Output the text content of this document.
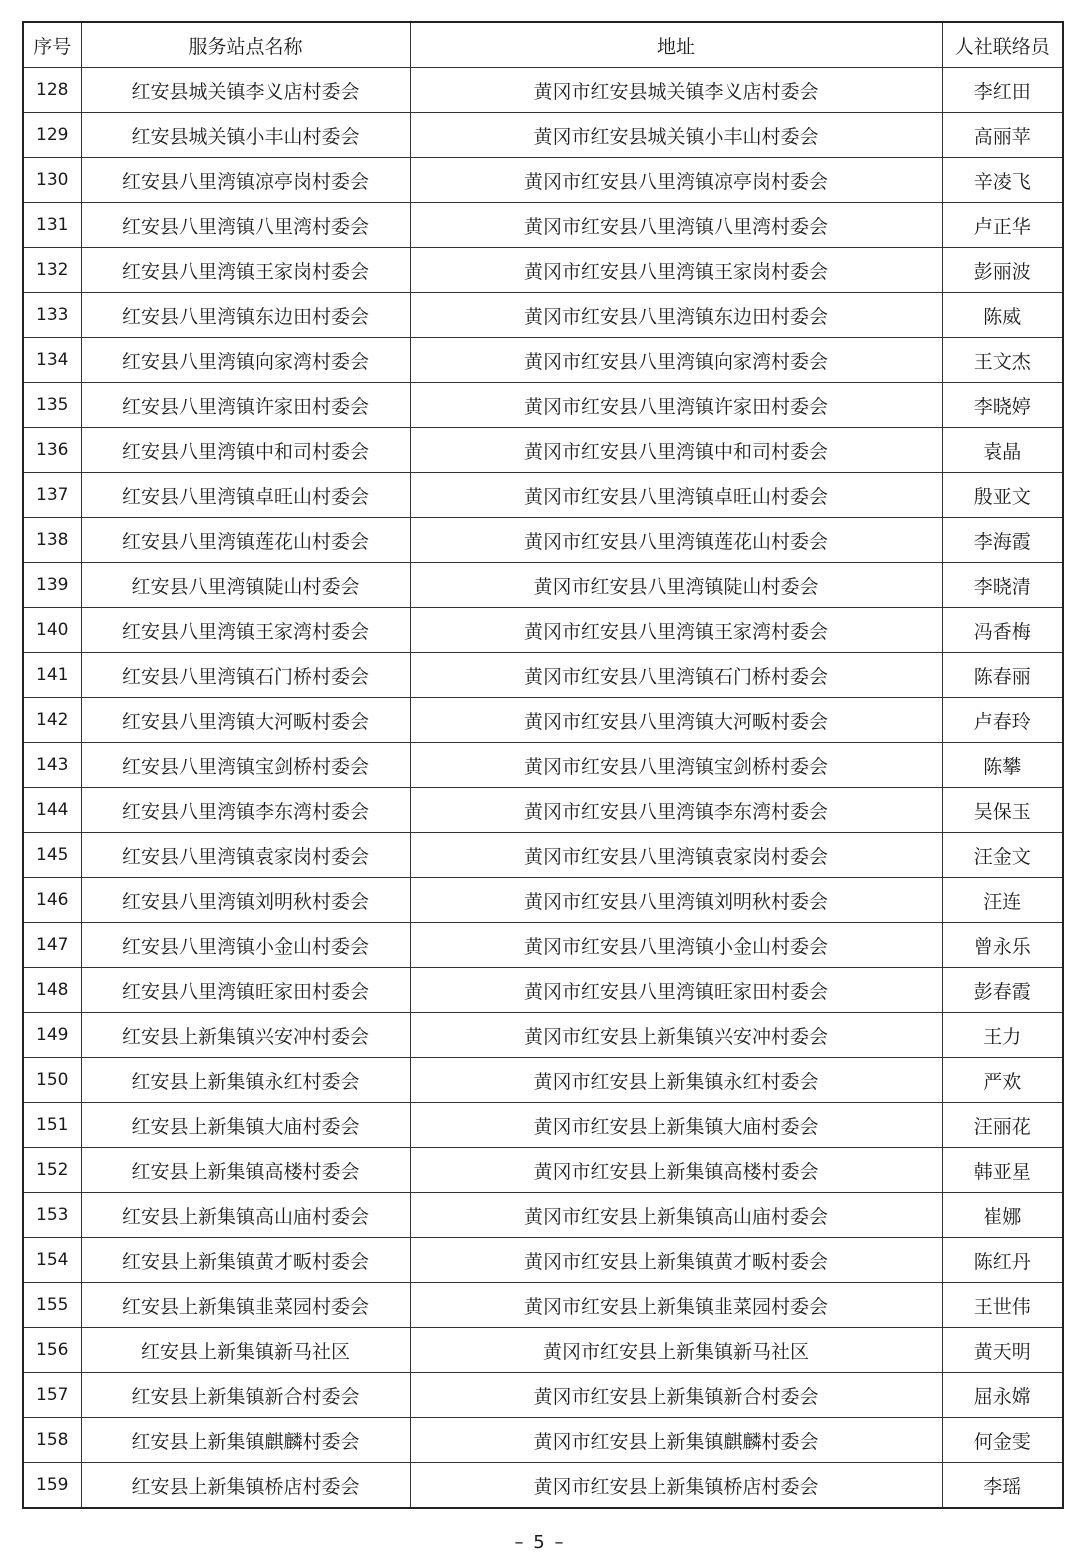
序号	服务站点名称	地址	人社联络员
128	红安县城关镇李义店村委会	黄冈市红安县城关镇李义店村委会	李红田
129	红安县城关镇小丰山村委会	黄冈市红安县城关镇小丰山村委会	高丽苹
130	红安县八里湾镇凉亭岗村委会	黄冈市红安县八里湾镇凉亭岗村委会	辛凌飞
131	红安县八里湾镇八里湾村委会	黄冈市红安县八里湾镇八里湾村委会	卢正华
132	红安县八里湾镇王家岗村委会	黄冈市红安县八里湾镇王家岗村委会	彭丽波
133	红安县八里湾镇东边田村委会	黄冈市红安县八里湾镇东边田村委会	陈威
134	红安县八里湾镇向家湾村委会	黄冈市红安县八里湾镇向家湾村委会	王文杰
135	红安县八里湾镇许家田村委会	黄冈市红安县八里湾镇许家田村委会	李晓婷
136	红安县八里湾镇中和司村委会	黄冈市红安县八里湾镇中和司村委会	袁晶
137	红安县八里湾镇卓旺山村委会	黄冈市红安县八里湾镇卓旺山村委会	殷亚文
138	红安县八里湾镇莲花山村委会	黄冈市红安县八里湾镇莲花山村委会	李海霞
139	红安县八里湾镇陡山村委会	黄冈市红安县八里湾镇陡山村委会	李晓清
140	红安县八里湾镇王家湾村委会	黄冈市红安县八里湾镇王家湾村委会	冯香梅
141	红安县八里湾镇石门桥村委会	黄冈市红安县八里湾镇石门桥村委会	陈春丽
142	红安县八里湾镇大河畈村委会	黄冈市红安县八里湾镇大河畈村委会	卢春玲
143	红安县八里湾镇宝剑桥村委会	黄冈市红安县八里湾镇宝剑桥村委会	陈攀
144	红安县八里湾镇李东湾村委会	黄冈市红安县八里湾镇李东湾村委会	吴保玉
145	红安县八里湾镇袁家岗村委会	黄冈市红安县八里湾镇袁家岗村委会	汪金文
146	红安县八里湾镇刘明秋村委会	黄冈市红安县八里湾镇刘明秋村委会	汪连
147	红安县八里湾镇小金山村委会	黄冈市红安县八里湾镇小金山村委会	曾永乐
148	红安县八里湾镇旺家田村委会	黄冈市红安县八里湾镇旺家田村委会	彭春霞
149	红安县上新集镇兴安冲村委会	黄冈市红安县上新集镇兴安冲村委会	王力
150	红安县上新集镇永红村委会	黄冈市红安县上新集镇永红村委会	严欢
151	红安县上新集镇大庙村委会	黄冈市红安县上新集镇大庙村委会	汪丽花
152	红安县上新集镇高楼村委会	黄冈市红安县上新集镇高楼村委会	韩亚星
153	红安县上新集镇高山庙村委会	黄冈市红安县上新集镇高山庙村委会	崔娜
154	红安县上新集镇黄才畈村委会	黄冈市红安县上新集镇黄才畈村委会	陈红丹
155	红安县上新集镇韭菜园村委会	黄冈市红安县上新集镇韭菜园村委会	王世伟
156	红安县上新集镇新马社区	黄冈市红安县上新集镇新马社区	黄天明
157	红安县上新集镇新合村委会	黄冈市红安县上新集镇新合村委会	屈永嫦
158	红安县上新集镇麒麟村委会	黄冈市红安县上新集镇麒麟村委会	何金雯
159	红安县上新集镇桥店村委会	黄冈市红安县上新集镇桥店村委会	李瑶
– 5 –
